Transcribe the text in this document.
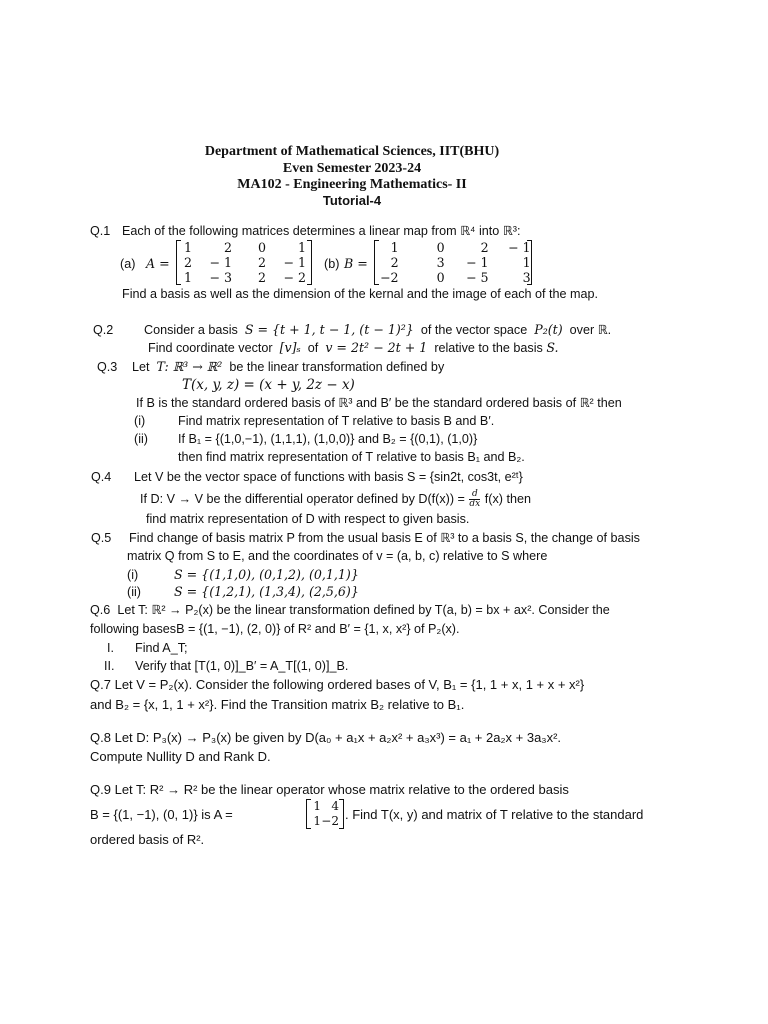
Department of Mathematical Sciences, IIT(BHU)
Even Semester 2023-24
MA102 - Engineering Mathematics- II
Tutorial-4
Q.1 Each of the following matrices determines a linear map from ℝ⁴ into ℝ³:
(a) A =
1	2	0	1
2	− 1	2	− 1
1	− 3	2	− 2
(b) B =
1	0	2	− 1
2	3	− 1	1
−2	0	− 5	3
Find a basis as well as the dimension of the kernal and the image of each of the map.
Q.2 Consider a basis S = {t + 1, t − 1, (t − 1)²} of the vector space P₂(t) over ℝ.
Find coordinate vector [v]ₛ of v = 2t² − 2t + 1 relative to the basis S.
Q.3 Let T: ℝ³ → ℝ² be the linear transformation defined by
T(x, y, z) = (x + y, 2z − x)
If B is the standard ordered basis of ℝ³ and B′ be the standard ordered basis of ℝ² then
(i)	Find matrix representation of T relative to basis B and B′.
(ii) If B₁ = {(1,0,−1), (1,1,1), (1,0,0)} and B₂ = {(0,1), (1,0)}
then find matrix representation of T relative to basis B₁ and B₂.
Q.4 Let V be the vector space of functions with basis S = {sin2t, cos3t, e²ᵗ}
If D: V → V be the differential operator defined by $D(f(x)) = \frac{d}{dx} f(x)$ then
find matrix representation of D with respect to given basis.
Q.5 Find change of basis matrix P from the usual basis E of ℝ³ to a basis S, the change of basis
matrix Q from S to E, and the coordinates of v = (a, b, c) relative to S where
(i)	S = {(1,1,0), (0,1,2), (0,1,1)}
(ii)	S = {(1,2,1), (1,3,4), (2,5,6)}
Q.6 Let T: ℝ² → P₂(x) be the linear transformation defined by T(a, b) = bx + ax². Consider the
following basesB = {(1, −1), (2, 0)} of R² and B′ = {1, x, x²} of P₂(x).
I. Find A_T;
II. Verify that [T(1, 0)]_B′ = A_T[(1, 0)]_B.
Q.7 Let V = P₂(x). Consider the following ordered bases of V, B₁ = {1, 1 + x, 1 + x + x²}
and B₂ = {x, 1, 1 + x²}. Find the Transition matrix B₂ relative to B₁.
Q.8 Let D: P₃(x) → P₃(x) be given by D(a₀ + a₁x + a₂x² + a₃x³) = a₁ + 2a₂x + 3a₃x².
Compute Nullity D and Rank D.
Q.9 Let T: R² → R² be the linear operator whose matrix relative to the ordered basis
B = {(1, −1), (0, 1)} is A =
1	4
1	−2 . Find T(x, y) and matrix of T relative to the standard
ordered basis of R².
